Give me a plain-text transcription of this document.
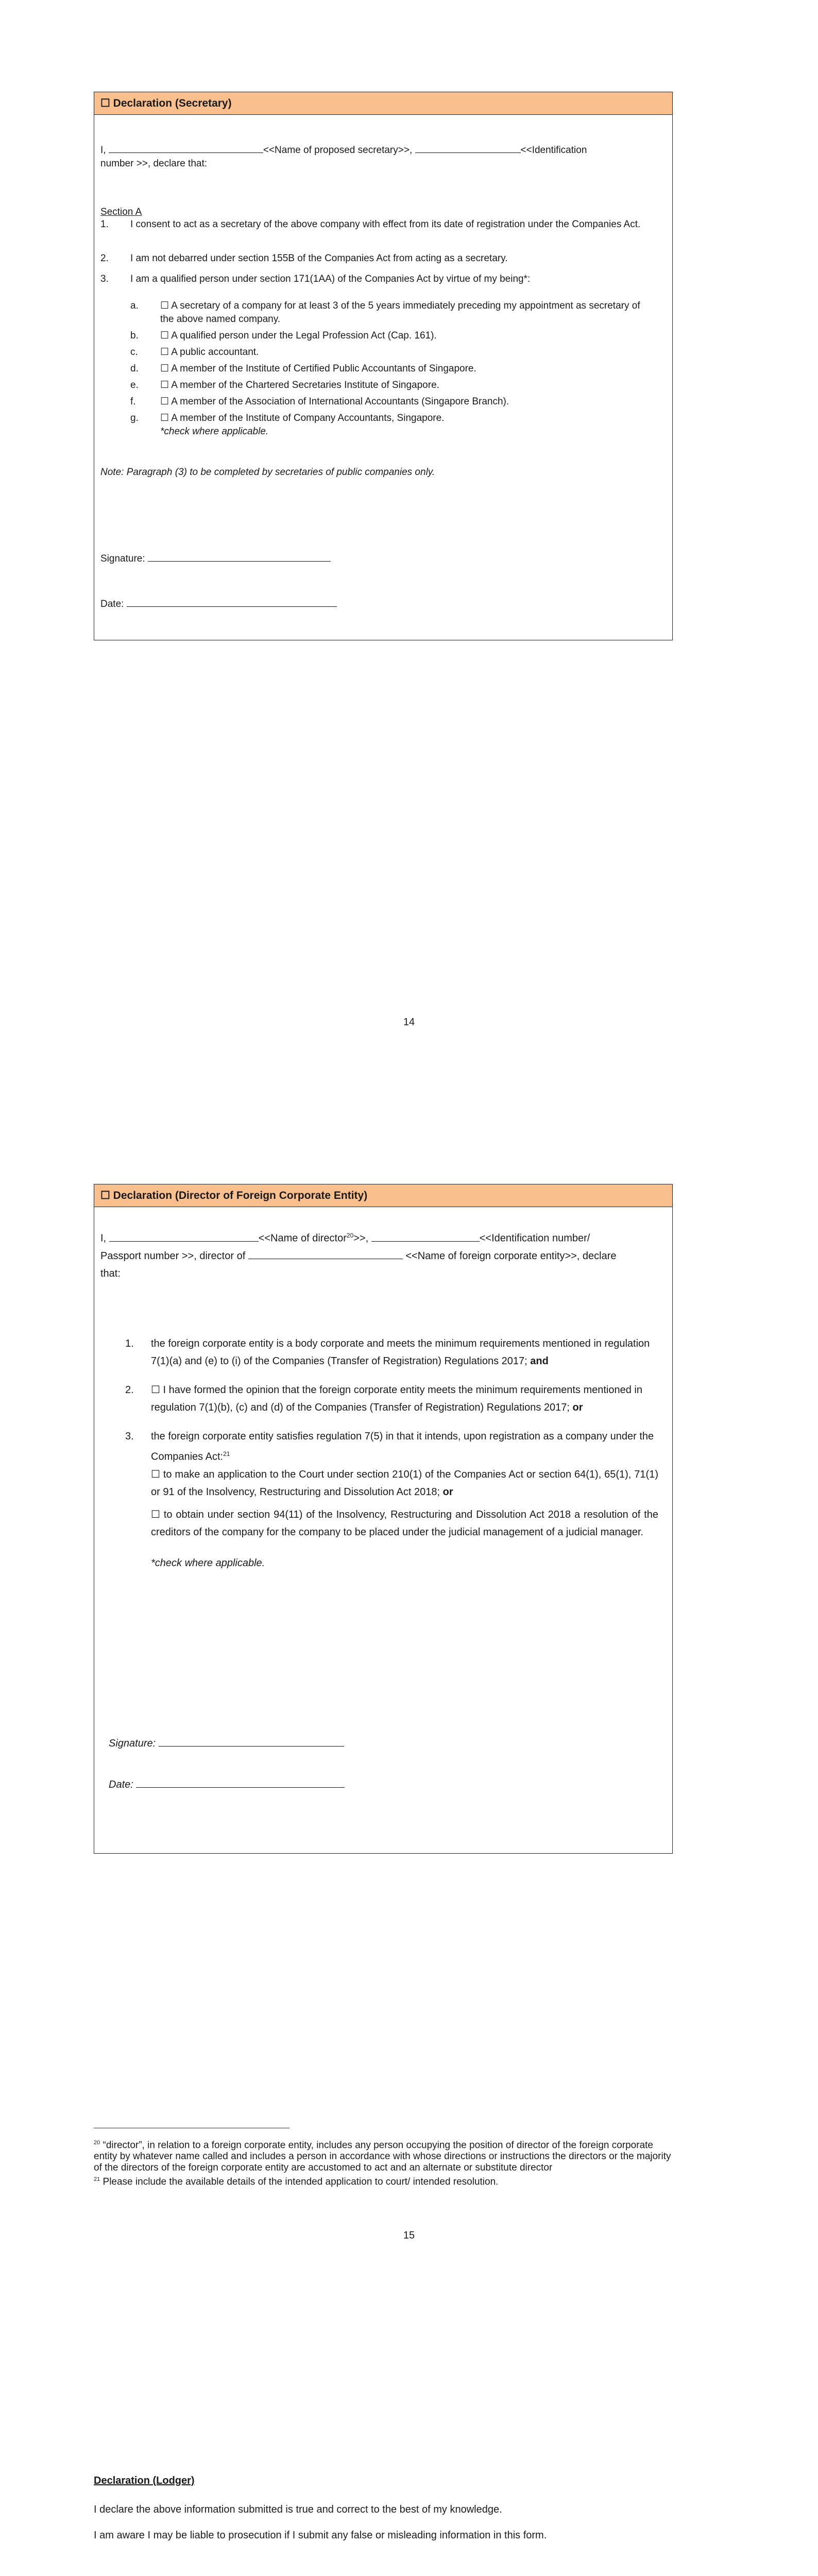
☐ Declaration (Secretary)
I,	<<Name of proposed secretary>>,	<<Identification
number >>, declare that:
Section A
1. I consent to act as a secretary of the above company with effect from its date of registration under the Companies Act.
2. I am not debarred under section 155B of the Companies Act from acting as a secretary.
3. I am a qualified person under section 171(1AA) of the Companies Act by virtue of my being*:
a. ☐ A secretary of a company for at least 3 of the 5 years immediately preceding my appointment as secretary of the above named company.
b. ☐ A qualified person under the Legal Profession Act (Cap. 161).
c. ☐ A public accountant.
d. ☐ A member of the Institute of Certified Public Accountants of Singapore.
e. ☐ A member of the Chartered Secretaries Institute of Singapore.
f. ☐ A member of the Association of International Accountants (Singapore Branch).
g. ☐ A member of the Institute of Company Accountants, Singapore.
*check where applicable.
Note: Paragraph (3) to be completed by secretaries of public companies only.
Signature:
Date:
14
☐ Declaration (Director of Foreign Corporate Entity)
I,	<<Name of director$^{20}$>>,	<<Identification number/
Passport number >>, director of	<<Name of foreign corporate entity>>, declare
that:
1. the foreign corporate entity is a body corporate and meets the minimum requirements mentioned in regulation 7(1)(a) and (e) to (i) of the Companies (Transfer of Registration) Regulations 2017; and
2. ☐ I have formed the opinion that the foreign corporate entity meets the minimum requirements mentioned in regulation 7(1)(b), (c) and (d) of the Companies (Transfer of Registration) Regulations 2017; or
3. the foreign corporate entity satisfies regulation 7(5) in that it intends, upon registration as a company under the Companies Act:$^{21}$
☐ to make an application to the Court under section 210(1) of the Companies Act or section 64(1), 65(1), 71(1) or 91 of the Insolvency, Restructuring and Dissolution Act 2018; or
☐ to obtain under section 94(11) of the Insolvency, Restructuring and Dissolution Act 2018 a resolution of the creditors of the company for the company to be placed under the judicial management of a judicial manager.
*check where applicable.
Signature:
Date:
$^{20}$ “director”, in relation to a foreign corporate entity, includes any person occupying the position of director of the foreign corporate entity by whatever name called and includes a person in accordance with whose directions or instructions the directors or the majority of the directors of the foreign corporate entity are accustomed to act and an alternate or substitute director
$^{21}$ Please include the available details of the intended application to court/ intended resolution.
15
Declaration (Lodger)
I declare the above information submitted is true and correct to the best of my knowledge.
I am aware I may be liable to prosecution if I submit any false or misleading information in this form.
